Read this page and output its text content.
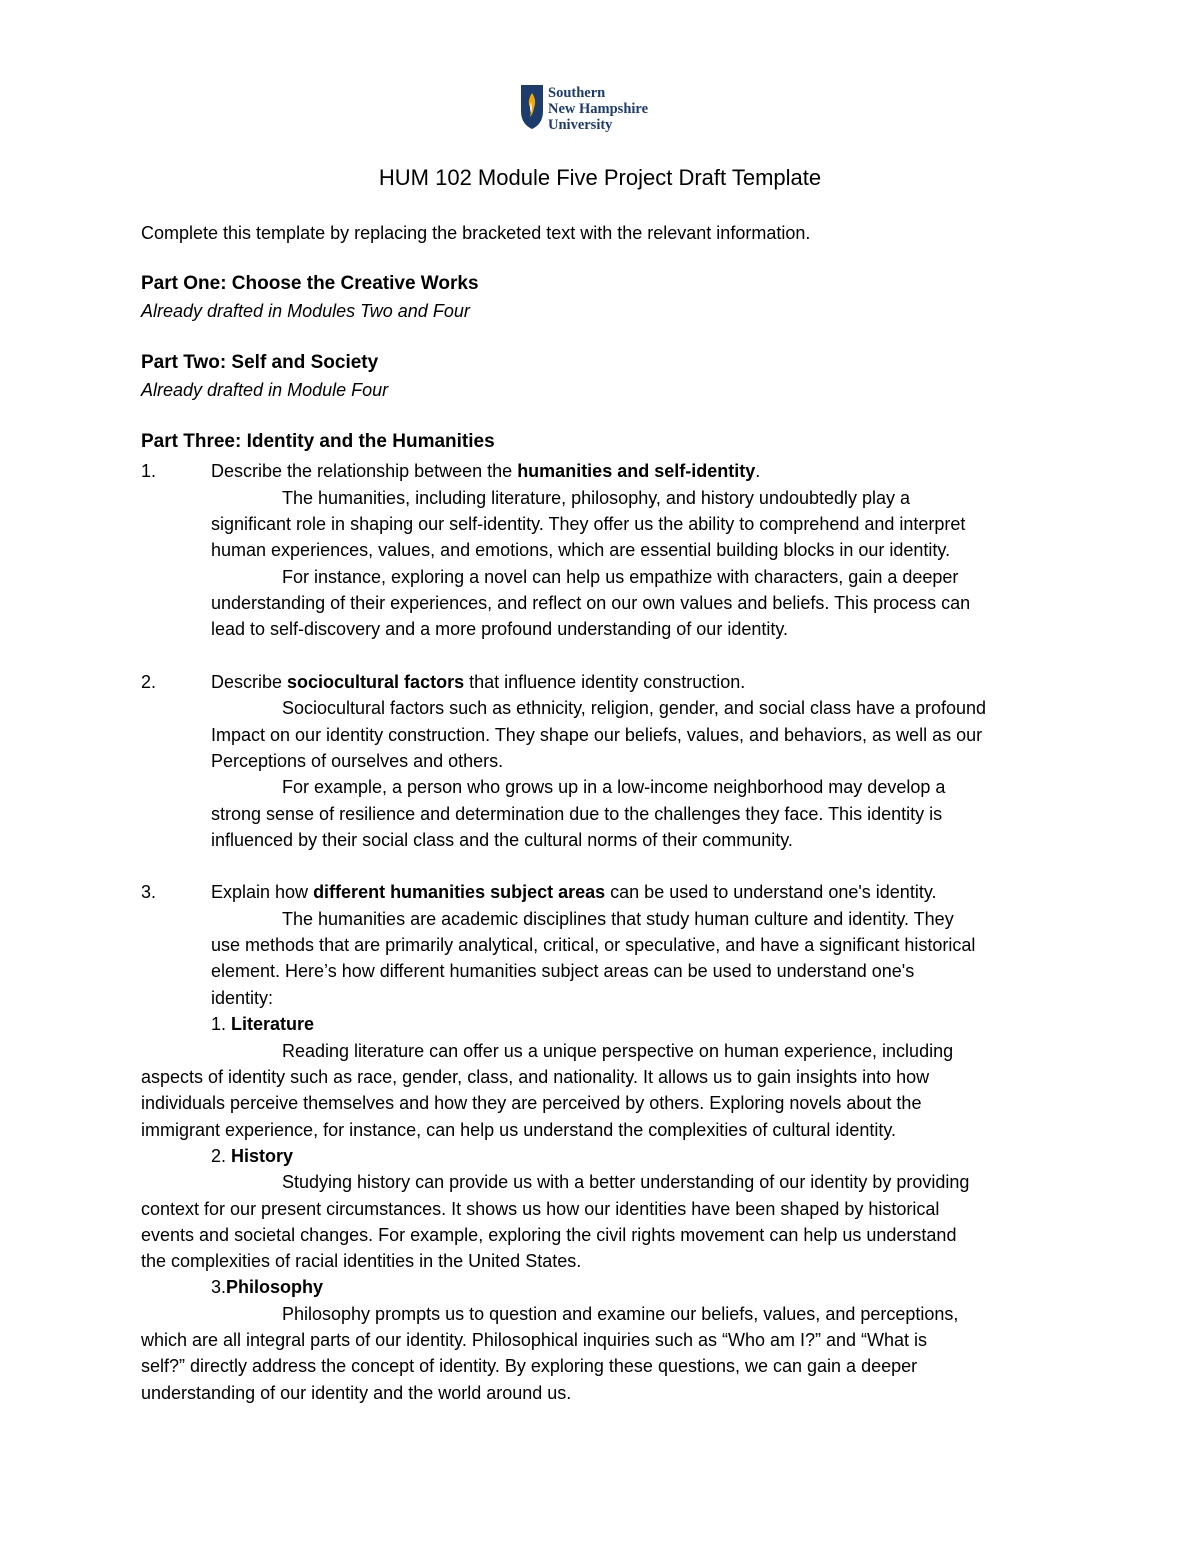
Southern
New Hampshire
University
HUM 102 Module Five Project Draft Template
Complete this template by replacing the bracketed text with the relevant information.
Part One: Choose the Creative Works
Already drafted in Modules Two and Four
Part Two: Self and Society
Already drafted in Module Four
Part Three: Identity and the Humanities
1.	Describe the relationship between the humanities and self-identity.
The humanities, including literature, philosophy, and history undoubtedly play a
significant role in shaping our self-identity. They offer us the ability to comprehend and interpret
human experiences, values, and emotions, which are essential building blocks in our identity.
For instance, exploring a novel can help us empathize with characters, gain a deeper
understanding of their experiences, and reflect on our own values and beliefs. This process can
lead to self-discovery and a more profound understanding of our identity.
2.	Describe sociocultural factors that influence identity construction.
Sociocultural factors such as ethnicity, religion, gender, and social class have a profound
Impact on our identity construction. They shape our beliefs, values, and behaviors, as well as our
Perceptions of ourselves and others.
For example, a person who grows up in a low-income neighborhood may develop a
strong sense of resilience and determination due to the challenges they face. This identity is
influenced by their social class and the cultural norms of their community.
3.	Explain how different humanities subject areas can be used to understand one's identity.
The humanities are academic disciplines that study human culture and identity. They
use methods that are primarily analytical, critical, or speculative, and have a significant historical
element. Here’s how different humanities subject areas can be used to understand one's
identity:
1. Literature
Reading literature can offer us a unique perspective on human experience, including
aspects of identity such as race, gender, class, and nationality. It allows us to gain insights into how
individuals perceive themselves and how they are perceived by others. Exploring novels about the
immigrant experience, for instance, can help us understand the complexities of cultural identity.
2. History
Studying history can provide us with a better understanding of our identity by providing
context for our present circumstances. It shows us how our identities have been shaped by historical
events and societal changes. For example, exploring the civil rights movement can help us understand
the complexities of racial identities in the United States.
3.Philosophy
Philosophy prompts us to question and examine our beliefs, values, and perceptions,
which are all integral parts of our identity. Philosophical inquiries such as “Who am I?” and “What is
self?” directly address the concept of identity. By exploring these questions, we can gain a deeper
understanding of our identity and the world around us.
